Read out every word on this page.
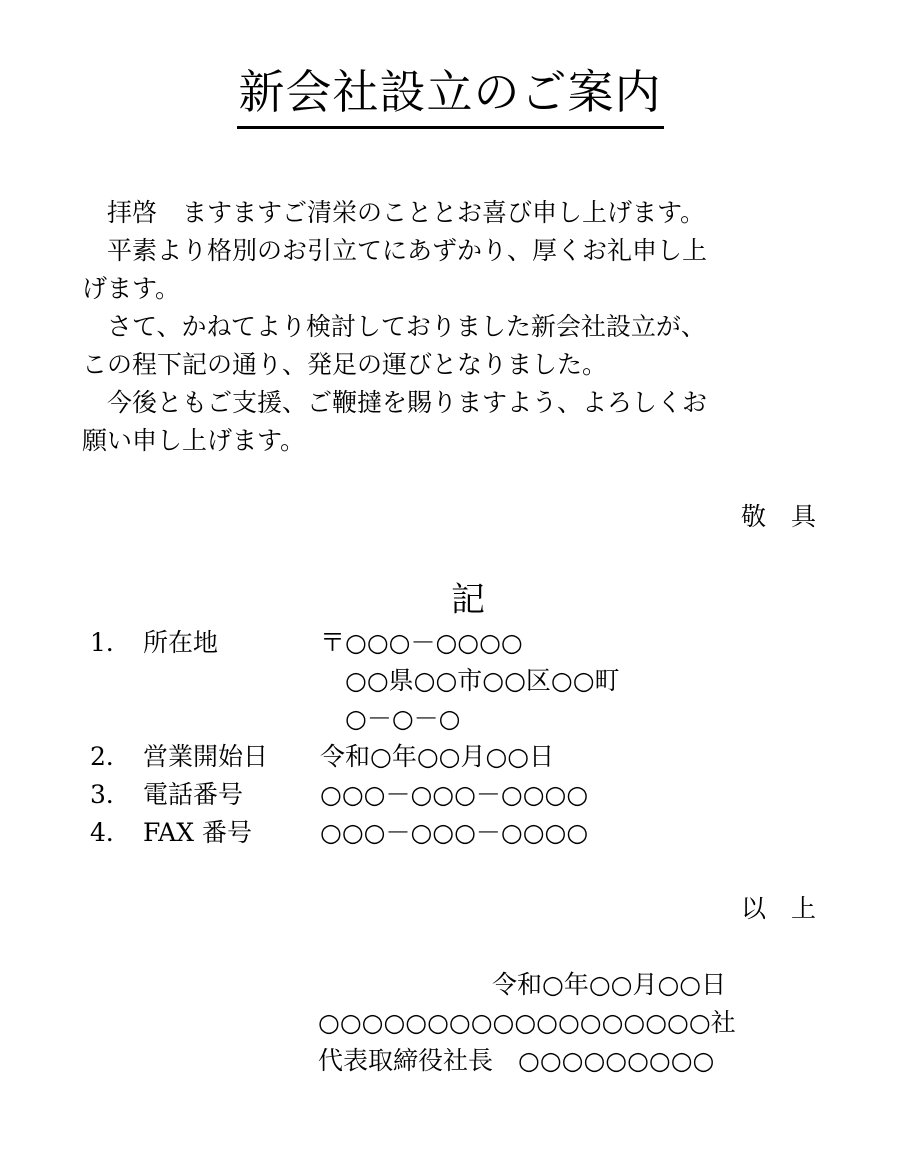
新会社設立のご案内

　拝啓　ますますご清栄のこととお喜び申し上げます。

　平素より格別のお引立てにあずかり、厚くお礼申し上

げます。

　さて、かねてより検討しておりました新会社設立が、

この程下記の通り、発足の運びとなりました。

　今後ともご支援、ご鞭撻を賜りますよう、よろしくお

願い申し上げます。

敬　具
記
1． 所在地	〒○○○－○○○○
　○○県○○市○○区○○町
　○－○－○
2． 営業開始日 令和○年○○月○○日
3． 電話番号	○○○－○○○－○○○○
4． FAX 番号	○○○－○○○－○○○○
以　上
令和○年○○月○○日
○○○○○○○○○○○○○○○○○○社
代表取締役社長　○○○○○○○○○
